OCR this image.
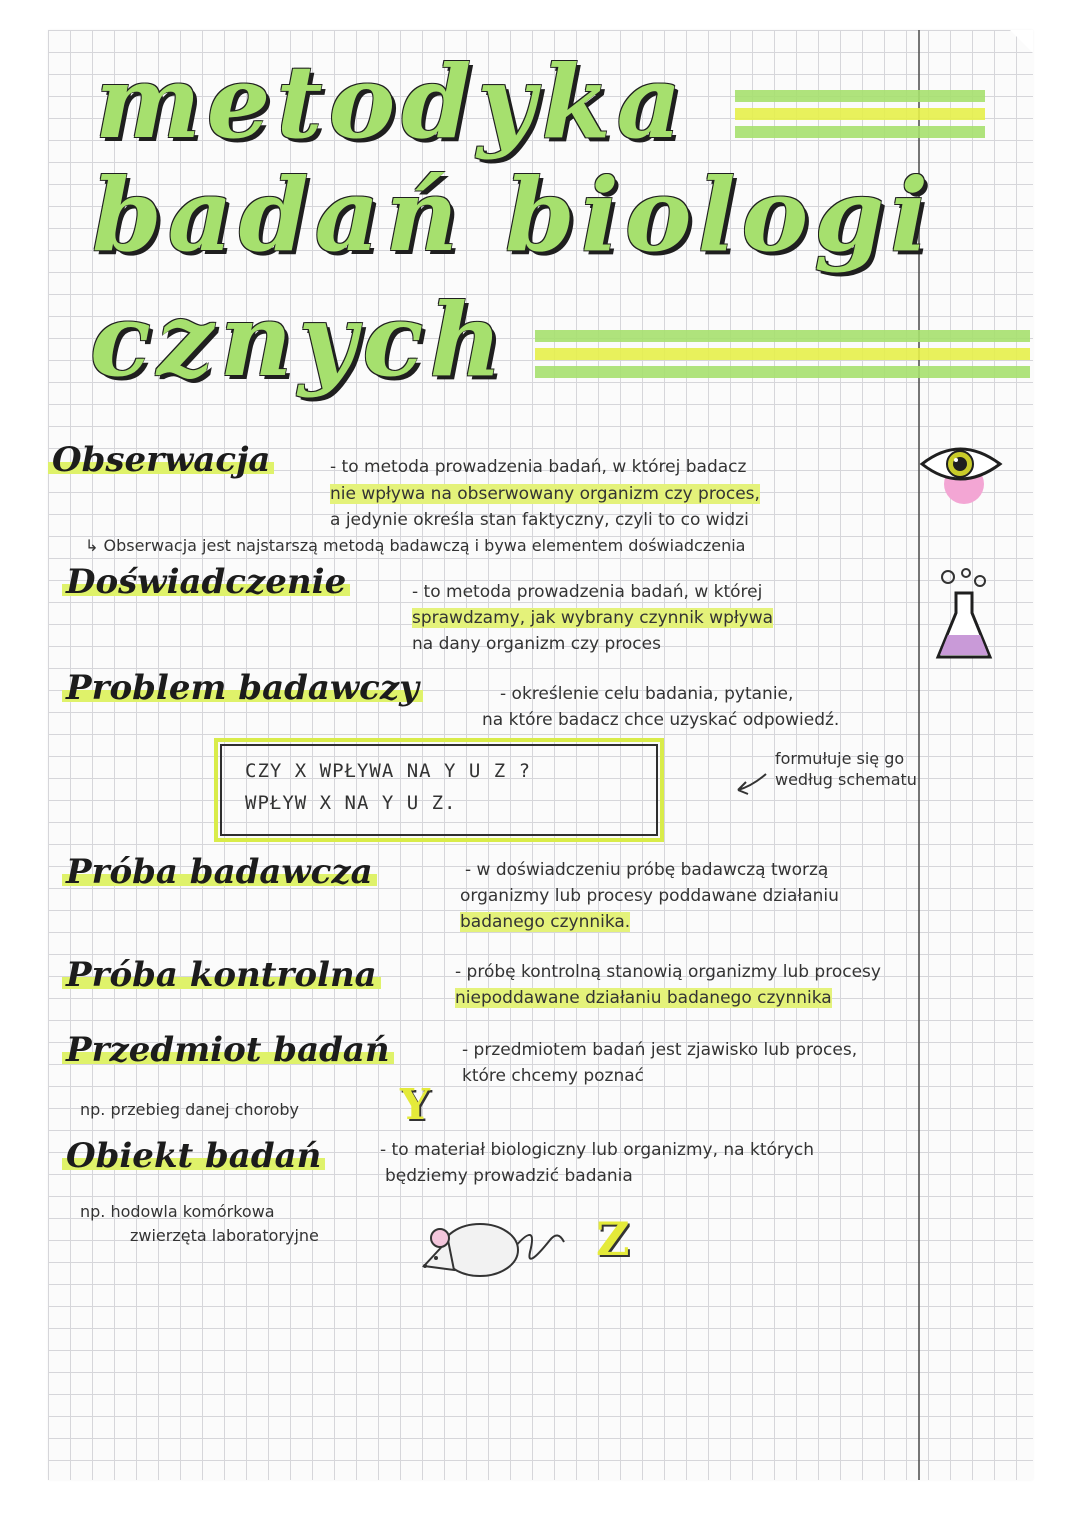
metodyka
badań biologi
cznych
Obserwacja	- to metoda prowadzenia badań, w której badacz
nie wpływa na obserwowany organizm czy proces,
a jedynie określa stan faktyczny, czyli to co widzi
↳ Obserwacja jest najstarszą metodą badawczą i bywa elementem doświadczenia
Doświadczenie	- to metoda prowadzenia badań, w której
sprawdzamy, jak wybrany czynnik wpływa
na dany organizm czy proces
Problem badawczy	- określenie celu badania, pytanie,
na które badacz chce uzyskać odpowiedź.
CZY X WPŁYWA NA Y U Z ?
WPŁYW X NA Y U Z.
formułuje się go według schematu
Próba badawcza	- w doświadczeniu próbę badawczą tworzą
organizmy lub procesy poddawane działaniu
badanego czynnika.
Próba kontrolna	- próbę kontrolną stanowią organizmy lub procesy
niepoddawane działaniu badanego czynnika
Przedmiot badań	- przedmiotem badań jest zjawisko lub proces,
które chcemy poznać
np. przebieg danej choroby Y
Obiekt badań	- to materiał biologiczny lub organizmy, na których
będziemy prowadzić badania
np. hodowla komórkowa
zwierzęta laboratoryjne	Z
